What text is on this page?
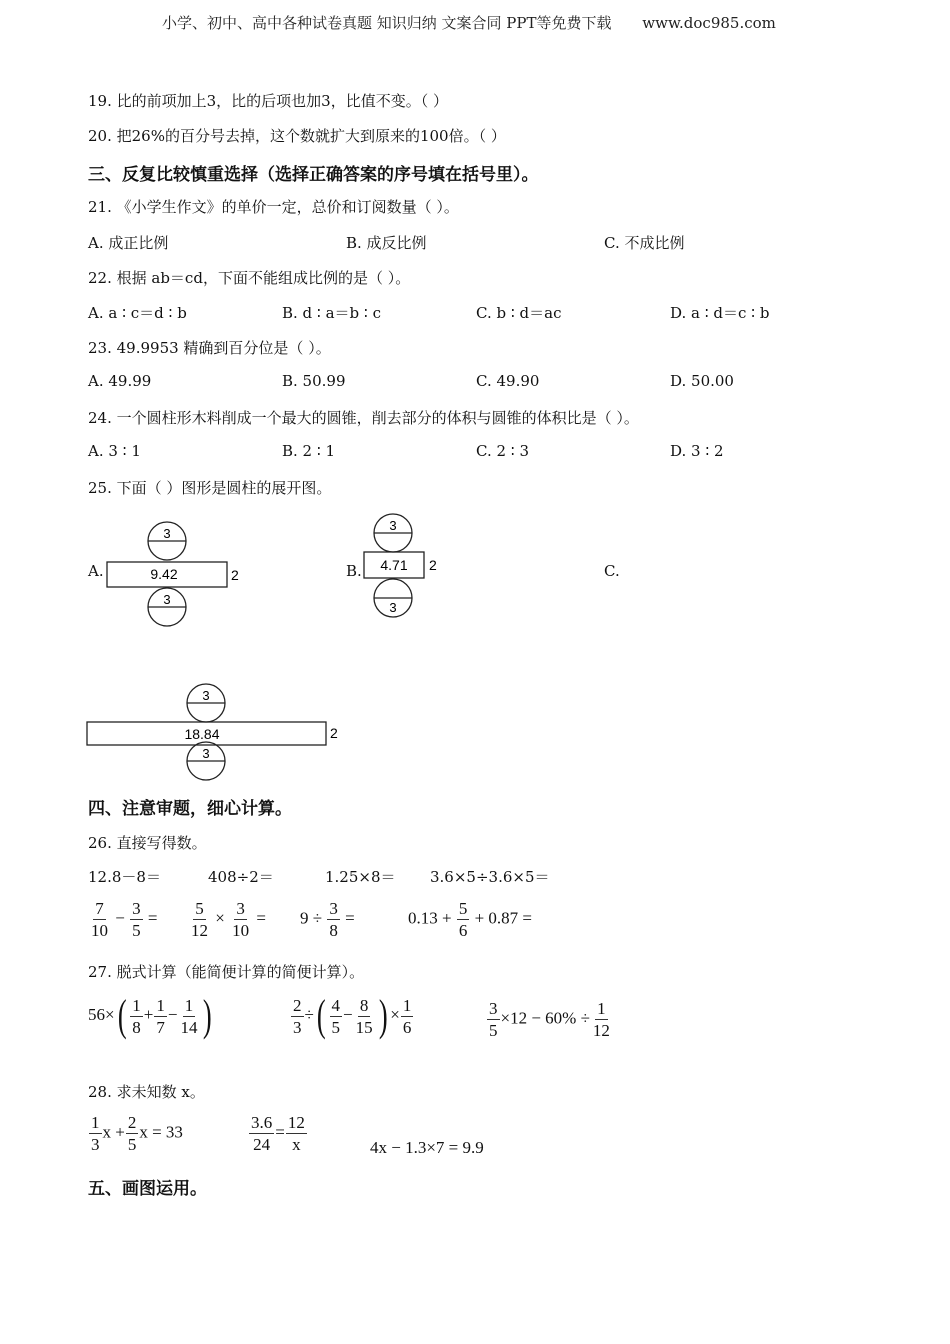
小学、初中、高中各种试卷真题 知识归纳 文案合同 PPT等免费下载 www.doc985.com
19. 比的前项加上3，比的后项也加3，比值不变。（ ）
20. 把26%的百分号去掉，这个数就扩大到原来的100倍。（ ）
三、反复比较慎重选择（选择正确答案的序号填在括号里）。
21. 《小学生作文》的单价一定，总价和订阅数量（ ）。
A. 成正比例	B. 成反比例	C. 不成比例
22. 根据 ab＝cd，下面不能组成比例的是（ ）。
A. a ∶ c＝d ∶ b	B. d ∶ a＝b ∶ c	C. b ∶ d＝ac	D. a ∶ d＝c ∶ b
23. 49.9953 精确到百分位是（ ）。
A. 49.99	B. 50.99	C. 49.90	D. 50.00
24. 一个圆柱形木料削成一个最大的圆锥，削去部分的体积与圆锥的体积比是（ ）。
A. 3 ∶ 1	B. 2 ∶ 1	C. 2 ∶ 3	D. 3 ∶ 2
25. 下面（ ）图形是圆柱的展开图。
A.	B.	C.
3
9.42	2
3
3
4.71 2
3
3
18.84	2
3
四、注意审题，细心计算。
26. 直接写得数。
12.8－8＝	408÷2＝	1.25×8＝ 3.6×5÷3.6×5＝
$\frac{7}{10} - \frac{3}{5} = \frac{5}{12} \times \frac{3}{10} = 9 \div \frac{3}{8}$ =	$0.13 + \frac{5}{6} + 0.87$ =
27. 脱式计算（能简便计算的简便计算）。
$56\times( \frac{1}{8} + \frac{1}{7} - \frac{1}{14}$ )	$\frac{2}{3}$ ÷( $\frac{4}{5} - \frac{8}{15}$ ) × $\frac{1}{6}$	$\frac{3}{5} \times 12 - 60\% \div \frac{1}{12}$
28. 求未知数 x。
$\frac{1}{3}$ $x + \frac{2}{5}$ x = 33	$\frac{3.6}{24} = \frac{12}{x}$	4x − 1.3×7 = 9.9
五、画图运用。
